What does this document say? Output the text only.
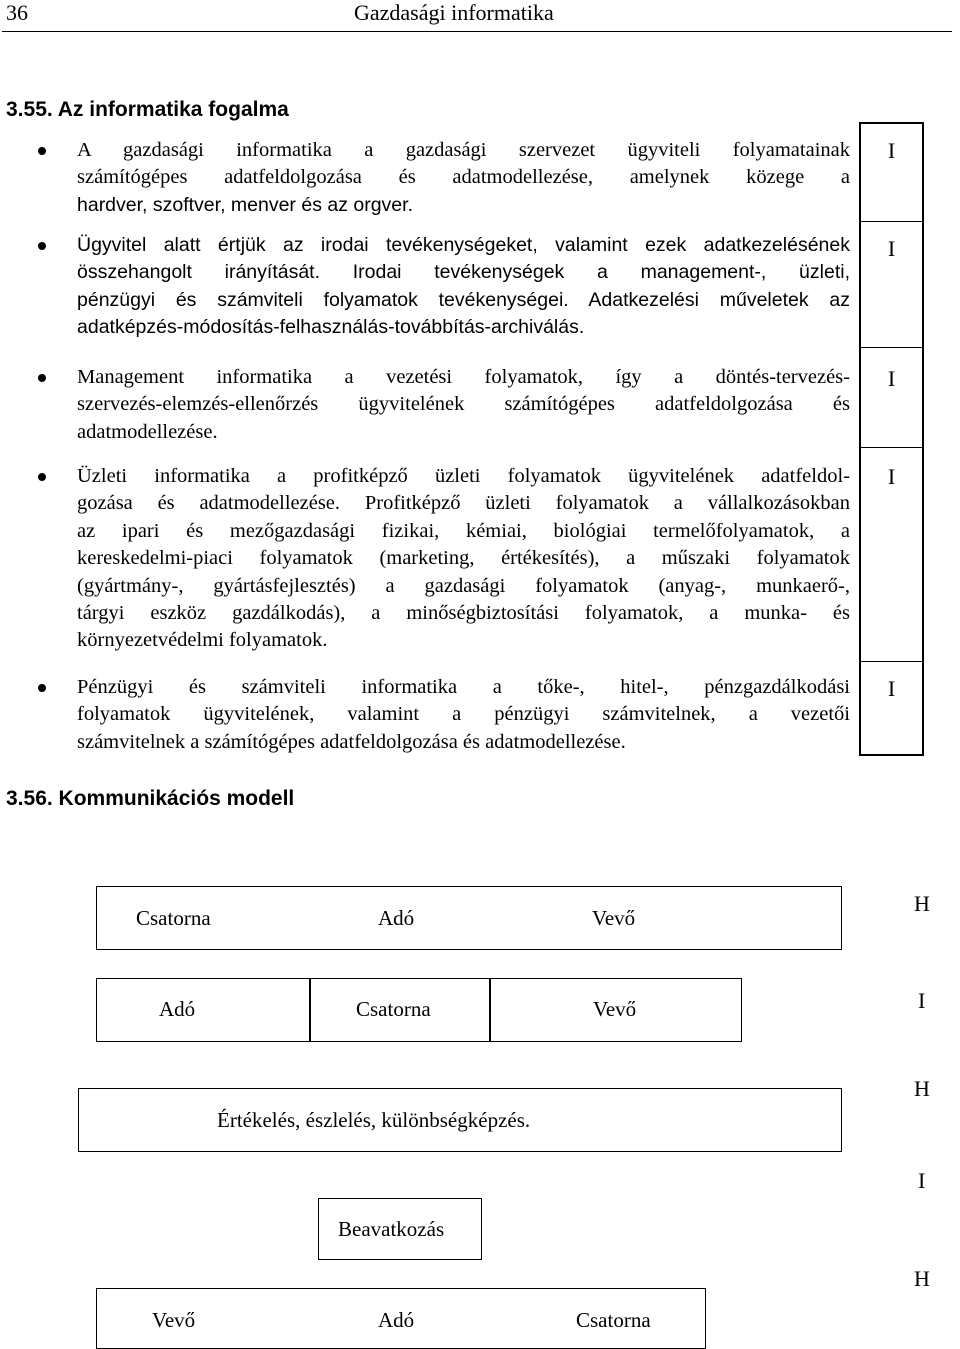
36	Gazdasági informatika
3.55. Az informatika fogalma
A gazdasági informatika a gazdasági szervezet ügyviteli folyamatainak
számítógépes adatfeldolgozása és adatmodellezése, amelynek közege a
hardver, szoftver, menver és az orgver.
Ügyvitel alatt értjük az irodai tevékenységeket, valamint ezek adatkezelésének
összehangolt irányítását. Irodai tevékenységek a management-, üzleti,
pénzügyi és számviteli folyamatok tevékenységei. Adatkezelési műveletek az
adatképzés-módosítás-felhasználás-továbbítás-archiválás.
Management informatika a vezetési folyamatok, így a döntés-tervezés-
szervezés-elemzés-ellenőrzés ügyvitelének számítógépes adatfeldolgozása és
adatmodellezése.
Üzleti informatika a profitképző üzleti folyamatok ügyvitelének adatfeldol-
gozása és adatmodellezése. Profitképző üzleti folyamatok a vállalkozásokban
az ipari és mezőgazdasági fizikai, kémiai, biológiai termelőfolyamatok, a
kereskedelmi-piaci folyamatok (marketing, értékesítés), a műszaki folyamatok
(gyártmány-, gyártásfejlesztés) a gazdasági folyamatok (anyag-, munkaerő-,
tárgyi eszköz gazdálkodás), a minőségbiztosítási folyamatok, a munka- és
környezetvédelmi folyamatok.
Pénzügyi és számviteli informatika a tőke-, hitel-, pénzgazdálkodási
folyamatok ügyvitelének, valamint a pénzügyi számvitelnek, a vezetői
számvitelnek a számítógépes adatfeldolgozása és adatmodellezése.
I
I
I
I
I
3.56. Kommunikációs modell
Csatorna	Adó	Vevő
Adó	Csatorna	Vevő
Értékelés, észlelés, különbségképzés.
Beavatkozás
Vevő	Adó	Csatorna
H
I
H
I
H
